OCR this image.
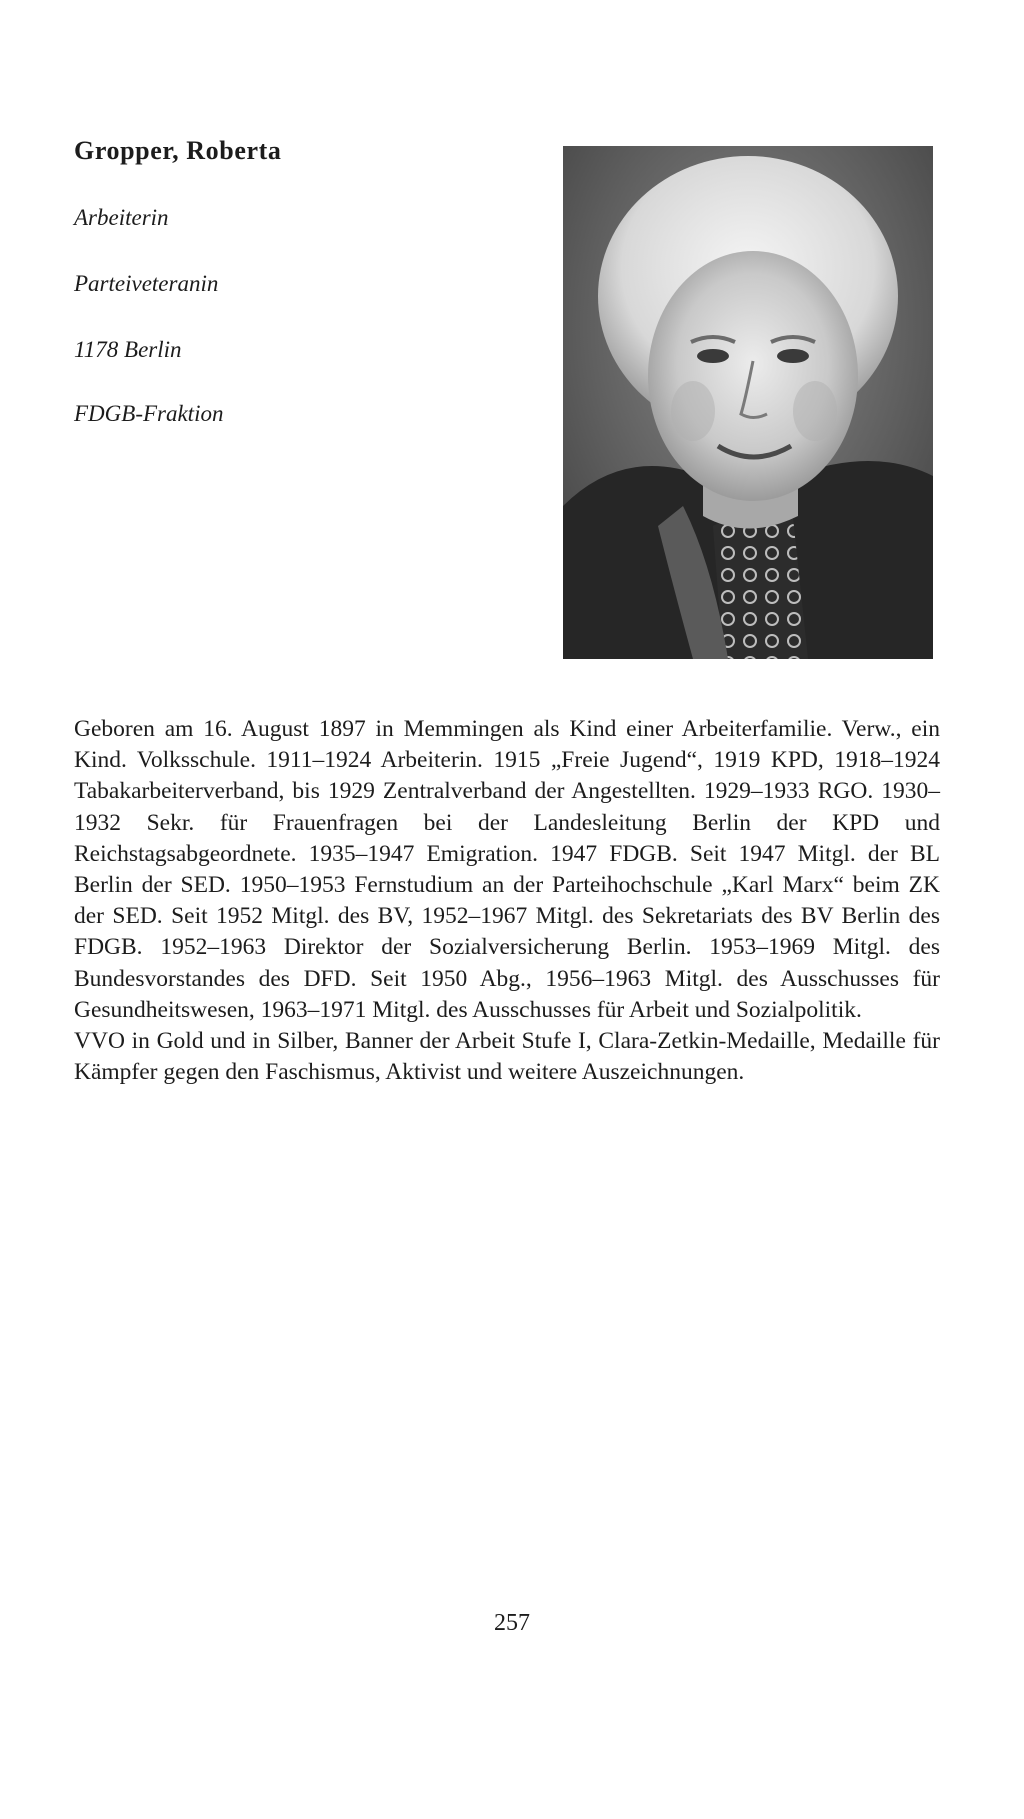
Gropper, Roberta
Arbeiterin
Parteiveteranin
1178 Berlin
FDGB-Fraktion

Geboren am 16. August 1897 in Memmingen als Kind einer Arbeiterfamilie. Verw., ein Kind. Volksschule. 1911–1924 Arbeiterin. 1915 „Freie Jugend“, 1919 KPD, 1918–1924 Tabakarbeiterverband, bis 1929 Zentralverband der Angestellten. 1929–1933 RGO. 1930–1932 Sekr. für Frauenfragen bei der Landesleitung Berlin der KPD und Reichstagsabgeordnete. 1935–1947 Emigration. 1947 FDGB. Seit 1947 Mitgl. der BL Berlin der SED. 1950–1953 Fernstudium an der Parteihochschule „Karl Marx“ beim ZK der SED. Seit 1952 Mitgl. des BV, 1952–1967 Mitgl. des Sekretariats des BV Berlin des FDGB. 1952–1963 Direktor der Sozialversicherung Berlin. 1953–1969 Mitgl. des Bundesvorstandes des DFD. Seit 1950 Abg., 1956–1963 Mitgl. des Ausschusses für Gesundheitswesen, 1963–1971 Mitgl. des Ausschusses für Arbeit und Sozialpolitik.

VVO in Gold und in Silber, Banner der Arbeit Stufe I, Clara-Zetkin-Medaille, Medaille für Kämpfer gegen den Faschismus, Aktivist und weitere Auszeichnungen.

257
